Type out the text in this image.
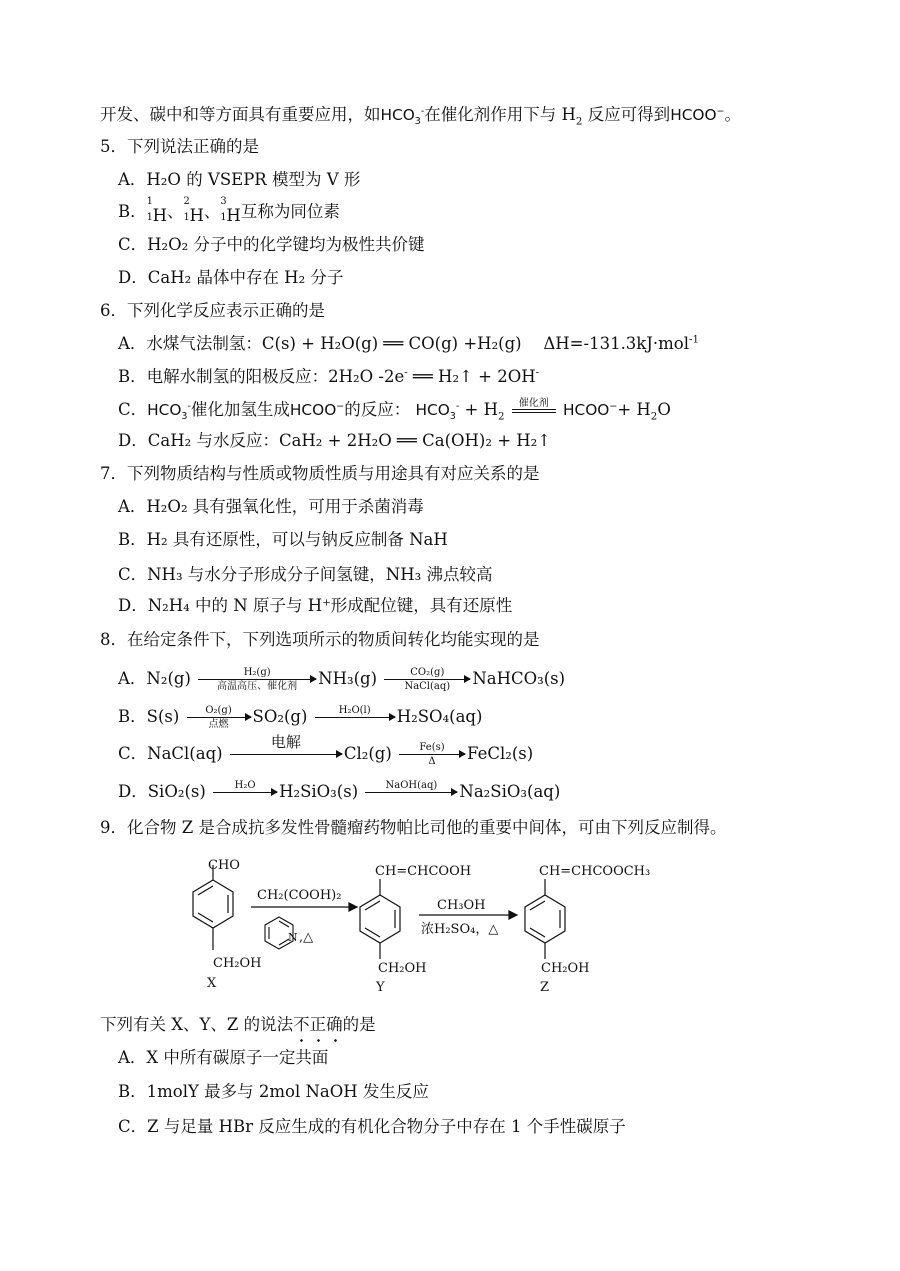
开发、碳中和等方面具有重要应用，如$HCO_3^-$在催化剂作用下与 $H_2$ 反应可得到HCOO−。
5．下列说法正确的是
A．H₂O 的 VSEPR 模型为 V 形
B．
1
1 H、
2
1 H、
3
1 H互称为同位素
C．H₂O₂ 分子中的化学键均为极性共价键
D．CaH₂ 晶体中存在 H₂ 分子
6．下列化学反应表示正确的是
A．水煤气法制氢：C(s) + H₂O(g) ══ CO(g) +H₂(g)　 ΔH=-131.3kJ·mol$^{-1}$
B．电解水制氢的阳极反应：2H₂O -2e- ══ H₂↑ + 2OH-
C．$HCO_3^-$催化加氢生成HCOO−的反应： $HCO_3^- + H_2$
催化剂 HCOO−+ $H_2O$
D．CaH₂ 与水反应：CaH₂ + 2H₂O ══ Ca(OH)₂ + H₂↑
7．下列物质结构与性质或物质性质与用途具有对应关系的是
A．H₂O₂ 具有强氧化性，可用于杀菌消毒
B．H₂ 具有还原性，可以与钠反应制备 NaH
C．NH₃ 与水分子形成分子间氢键，NH₃ 沸点较高
D．N₂H₄ 中的 N 原子与 H⁺形成配位键，具有还原性
8．在给定条件下，下列选项所示的物质间转化均能实现的是
A．N₂(g)	H₂(g)
高温高压、催化剂	NH₃(g)	CO₂(g)
NaCl(aq)	NaHCO₃(s)
B．S(s)	O₂(g)
点燃	SO₂(g)	H₂O(l)	H₂SO₄(aq)
C．NaCl(aq)
电解
$Cl_2(g) \frac{Fe(s)}{\Delta}$ FeCl₂(s)
D．SiO₂(s)	H₂O	H₂SiO₃(s)	NaOH(aq)	Na₂SiO₃(aq)
9．化合物 Z 是合成抗多发性骨髓瘤药物帕比司他的重要中间体，可由下列反应制得。
CHO
CH₂OH
X
CH₂(COOH)₂
N ,△
CH=CHCOOH
CH₂OH
Y
CH₃OH
浓H₂SO₄，△
CH=CHCOOCH₃
CH₂OH
Z
下列有关 X、Y、Z 的说法不正确的是
A．X 中所有碳原子一定共面
B．1molY 最多与 2mol NaOH 发生反应
C．Z 与足量 HBr 反应生成的有机化合物分子中存在 1 个手性碳原子
